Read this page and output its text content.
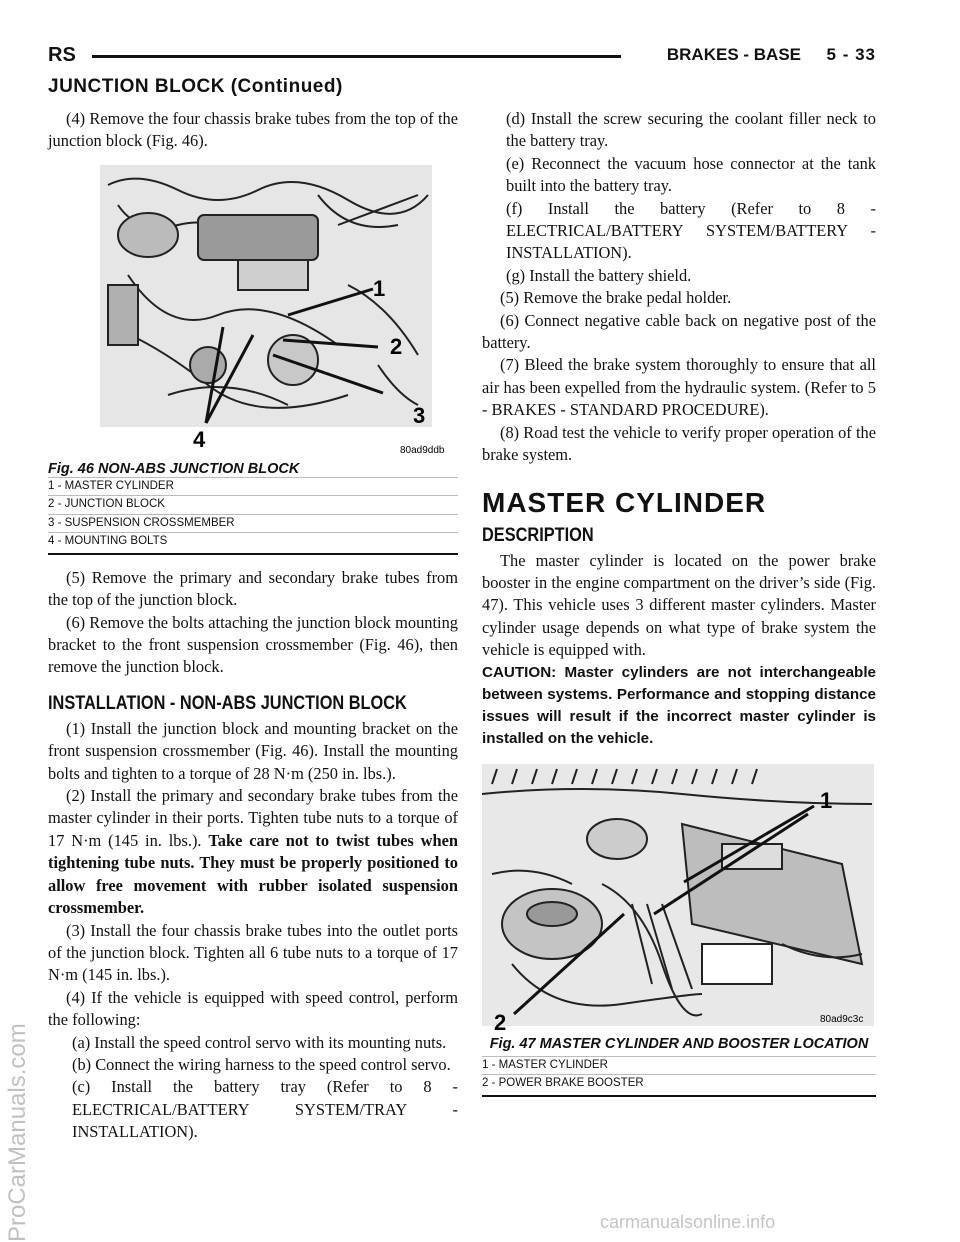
RS	BRAKES - BASE 5 - 33
JUNCTION BLOCK (Continued)

(4) Remove the four chassis brake tubes from the top of the junction block (Fig. 46).

1
2
3
4	80ad9ddb
Fig. 46 NON-ABS JUNCTION BLOCK
1 - MASTER CYLINDER
2 - JUNCTION BLOCK
3 - SUSPENSION CROSSMEMBER
4 - MOUNTING BOLTS

(5) Remove the primary and secondary brake tubes from the top of the junction block.

(6) Remove the bolts attaching the junction block mounting bracket to the front suspension crossmember (Fig. 46), then remove the junction block.

INSTALLATION - NON-ABS JUNCTION BLOCK

(1) Install the junction block and mounting bracket on the front suspension crossmember (Fig. 46). Install the mounting bolts and tighten to a torque of 28 N·m (250 in. lbs.).

(2) Install the primary and secondary brake tubes from the master cylinder in their ports. Tighten tube nuts to a torque of 17 N·m (145 in. lbs.). Take care not to twist tubes when tightening tube nuts. They must be properly positioned to allow free movement with rubber isolated suspension crossmember.

(3) Install the four chassis brake tubes into the outlet ports of the junction block. Tighten all 6 tube nuts to a torque of 17 N·m (145 in. lbs.).

(4) If the vehicle is equipped with speed control, perform the following:

(a) Install the speed control servo with its mounting nuts.

(b) Connect the wiring harness to the speed control servo.

(c) Install the battery tray (Refer to 8 - ELECTRICAL/BATTERY SYSTEM/TRAY - INSTALLATION).

(d) Install the screw securing the coolant filler neck to the battery tray.

(e) Reconnect the vacuum hose connector at the tank built into the battery tray.

(f) Install the battery (Refer to 8 - ELECTRICAL/BATTERY SYSTEM/BATTERY - INSTALLATION).

(g) Install the battery shield.

(5) Remove the brake pedal holder.

(6) Connect negative cable back on negative post of the battery.

(7) Bleed the brake system thoroughly to ensure that all air has been expelled from the hydraulic system. (Refer to 5 - BRAKES - STANDARD PROCEDURE).

(8) Road test the vehicle to verify proper operation of the brake system.

MASTER CYLINDER
DESCRIPTION

The master cylinder is located on the power brake booster in the engine compartment on the driver’s side (Fig. 47). This vehicle uses 3 different master cylinders. Master cylinder usage depends on what type of brake system the vehicle is equipped with.

CAUTION: Master cylinders are not interchangeable between systems. Performance and stopping distance issues will result if the incorrect master cylinder is installed on the vehicle.

1
2	80ad9c3c
Fig. 47 MASTER CYLINDER AND BOOSTER LOCATION
1 - MASTER CYLINDER
2 - POWER BRAKE BOOSTER
ProCarManuals.com	carmanualsonline.info
